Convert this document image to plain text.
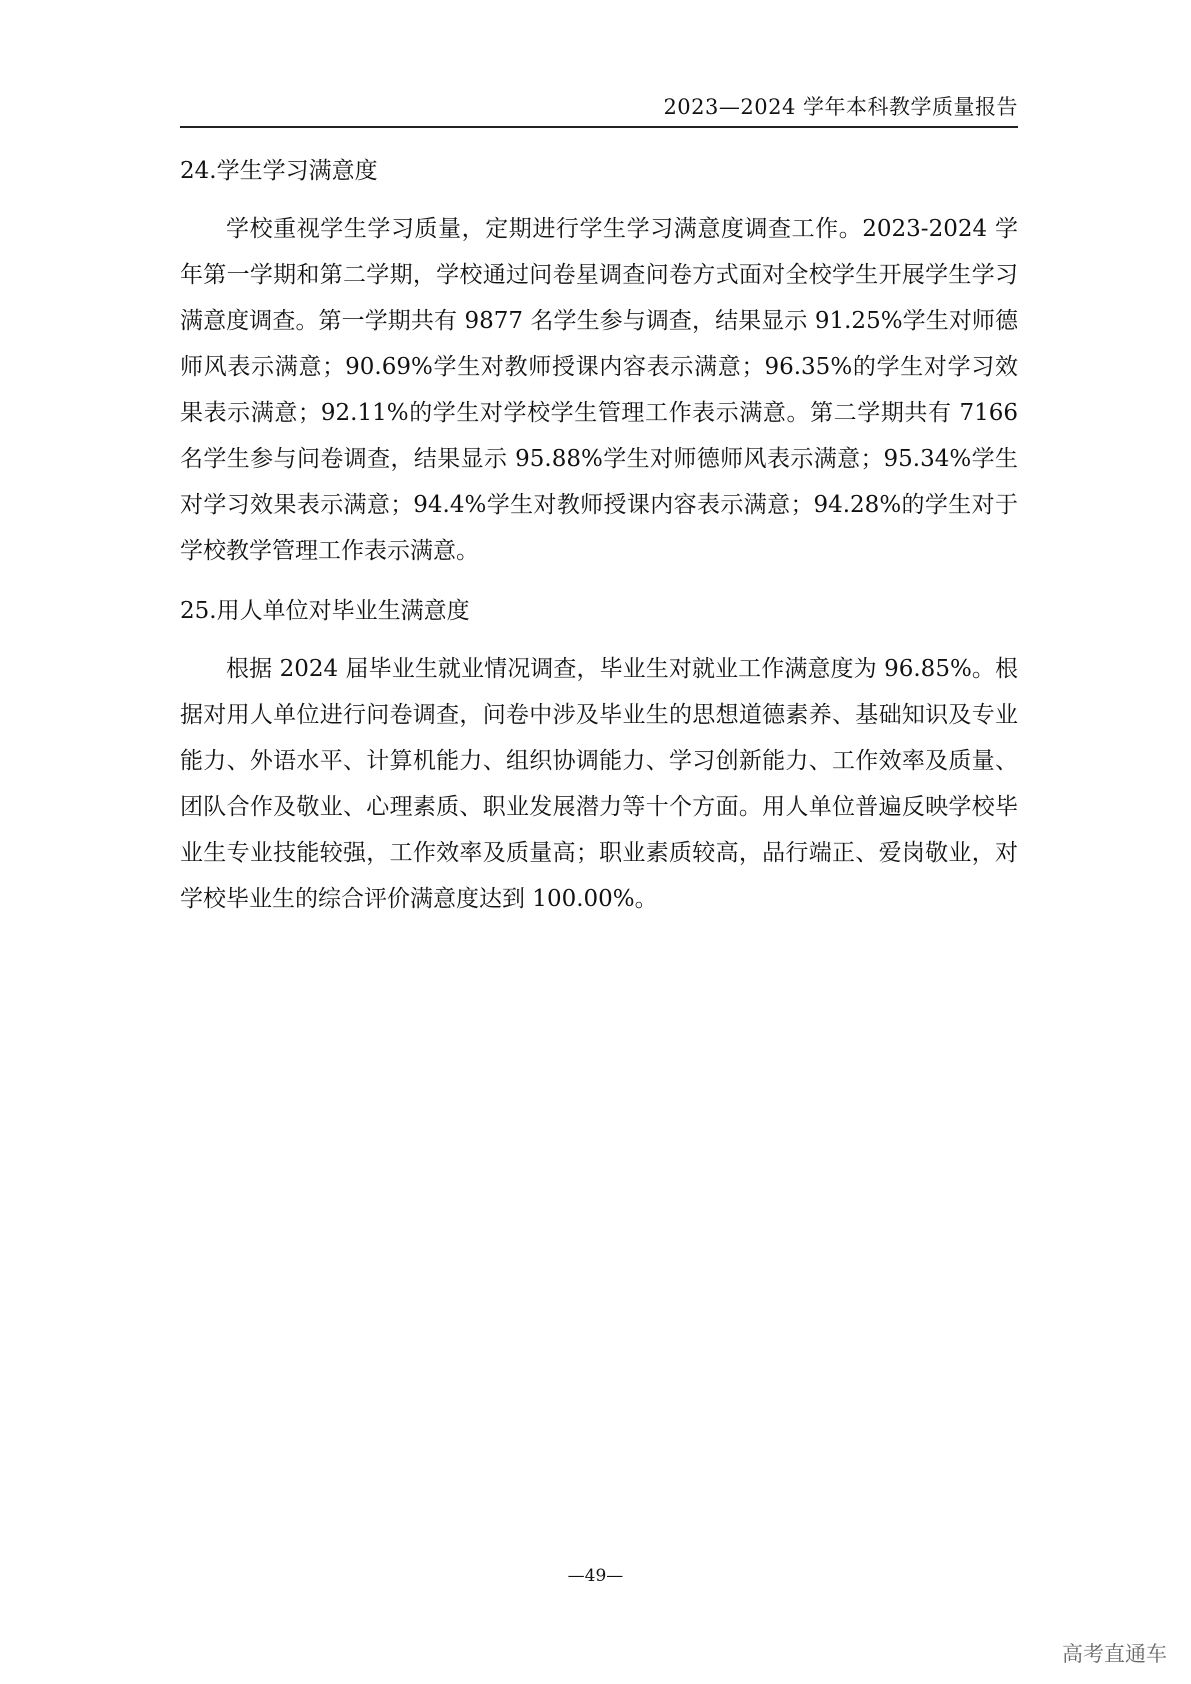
2023—2024 学年本科教学质量报告
24.学生学习满意度

学校重视学生学习质量，定期进行学生学习满意度调查工作。2023-2024 学年第一学期和第二学期，学校通过问卷星调查问卷方式面对全校学生开展学生学习满意度调查。第一学期共有 9877 名学生参与调查，结果显示 91.25%学生对师德师风表示满意；90.69%学生对教师授课内容表示满意；96.35%的学生对学习效果表示满意；92.11%的学生对学校学生管理工作表示满意。第二学期共有 7166 名学生参与问卷调查，结果显示 95.88%学生对师德师风表示满意；95.34%学生对学习效果表示满意；94.4%学生对教师授课内容表示满意；94.28%的学生对于学校教学管理工作表示满意。

25.用人单位对毕业生满意度

根据 2024 届毕业生就业情况调查，毕业生对就业工作满意度为 96.85%。根据对用人单位进行问卷调查，问卷中涉及毕业生的思想道德素养、基础知识及专业能力、外语水平、计算机能力、组织协调能力、学习创新能力、工作效率及质量、团队合作及敬业、心理素质、职业发展潜力等十个方面。用人单位普遍反映学校毕业生专业技能较强，工作效率及质量高；职业素质较高，品行端正、爱岗敬业，对学校毕业生的综合评价满意度达到 100.00%。

—49—
高考直通车
